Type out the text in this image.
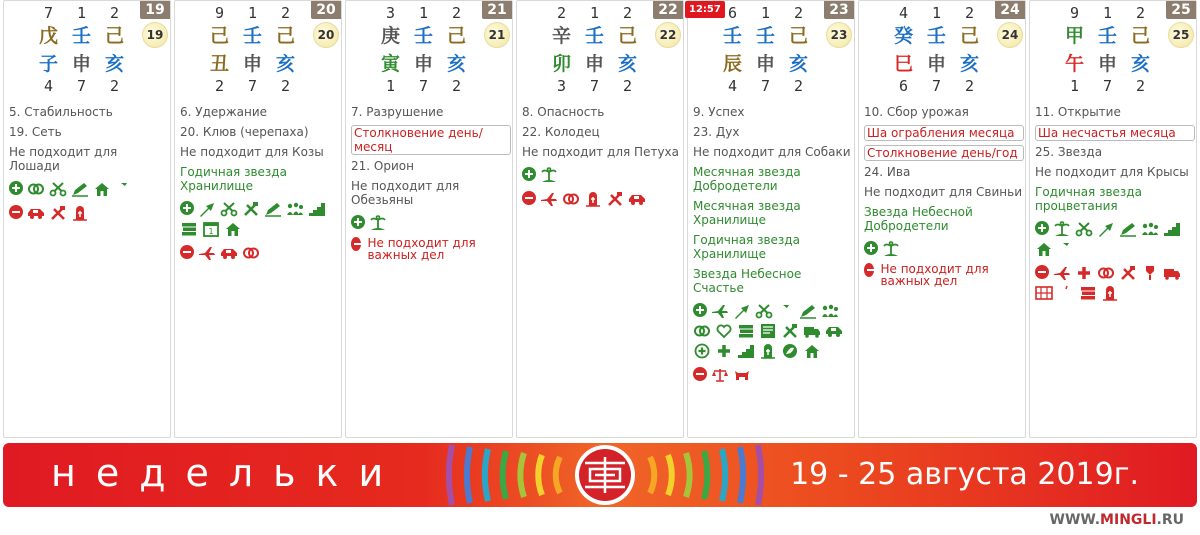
19
7	1	2
戊 壬 己
子 申 亥
4	7	2
19
5. Стабильность
19. Сеть
Не подходит для Лошади
$
20
9	1	2
己 壬 己
丑 申 亥
2	7	2
20
6. Удержание
20. Клюв (черепаха)
Не подходит для Козы
Годичная звезда Хранилище
1
21
3	1	2
庚 壬 己
寅 申 亥
1	7	2
21
7. Разрушение
Столкновение день/месяц
21. Орион
Не подходит для Обезьяны
Не подходит для важных дел
22
2	1	2
辛 壬 己
卯 申 亥
3	7	2
22
8. Опасность
22. Колодец
Не подходит для Петуха
12:57	23
6	1	2
壬 壬 己
辰 申 亥
4	7	2
23
9. Успех
23. Дух
Не подходит для Собаки
Месячная звезда Добродетели
Месячная звезда Хранилище
Годичная звезда Хранилище
Звезда Небесное Счастье
$
24
4	1	2
癸 壬 己
巳 申 亥
6	7	2
24
10. Сбор урожая
Ша ограбления месяца
Столкновение день/год
24. Ива
Не подходит для Свиньи
Звезда Небесной Добродетели
Не подходит для важных дел
25
9	1	2
甲 壬 己
午 申 亥
1	7	2
25
11. Открытие
Ша несчастья месяца
25. Звезда
Не подходит для Крысы
Годичная звезда процветания
$
недельки	19 - 25 августа 2019г.
WWW.MINGLI.RU
